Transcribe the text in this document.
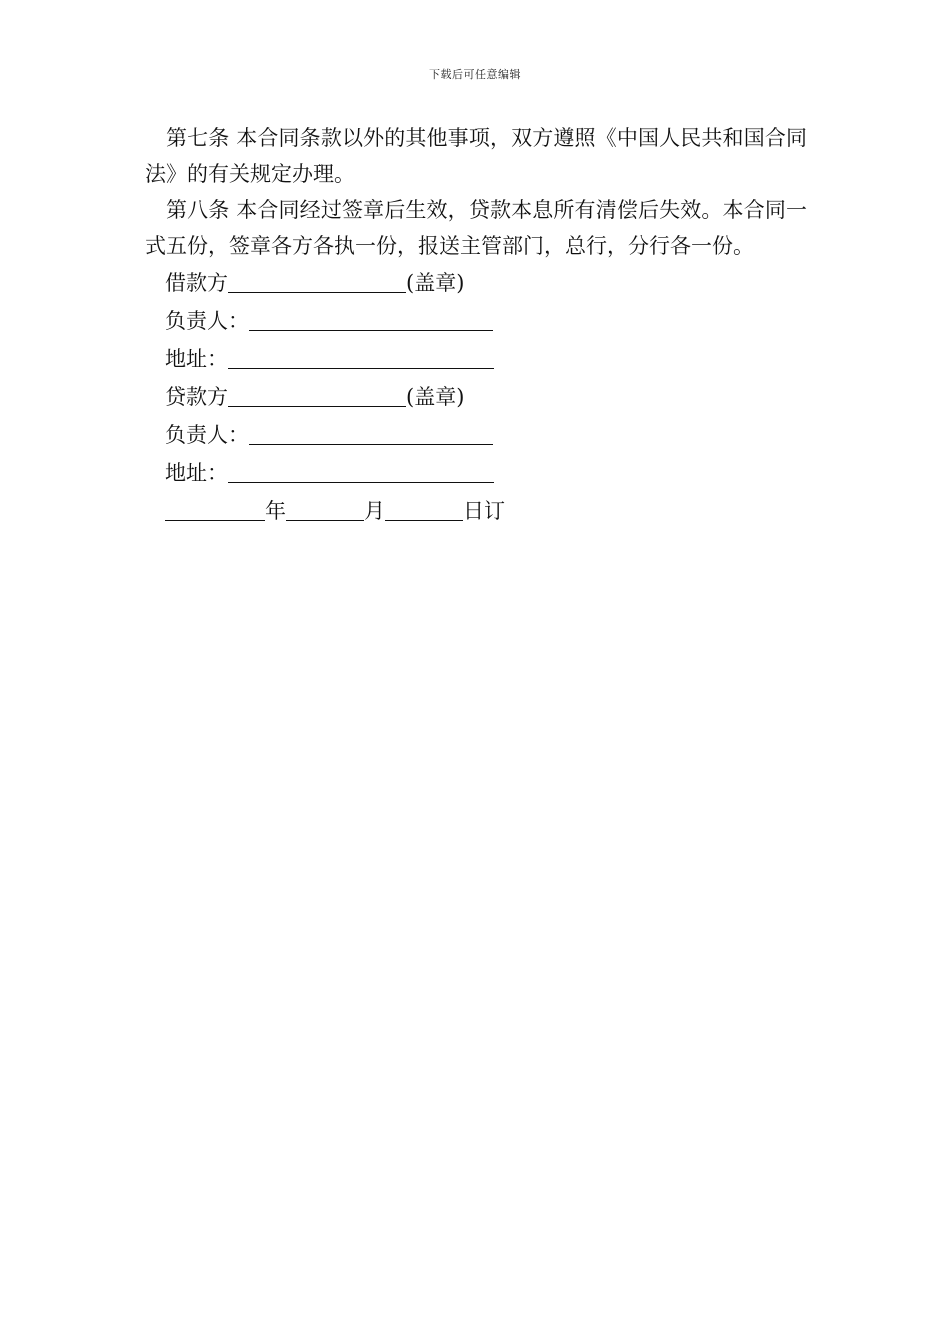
下载后可任意编辑

第七条 本合同条款以外的其他事项，双方遵照《中国人民共和国合同法》的有关规定办理。

第八条 本合同经过签章后生效，贷款本息所有清偿后失效。本合同一式五份，签章各方各执一份，报送主管部门，总行，分行各一份。

借款方	(盖章)
负责人：
地址：
贷款方	(盖章)
负责人：
地址：
年	月	日订
